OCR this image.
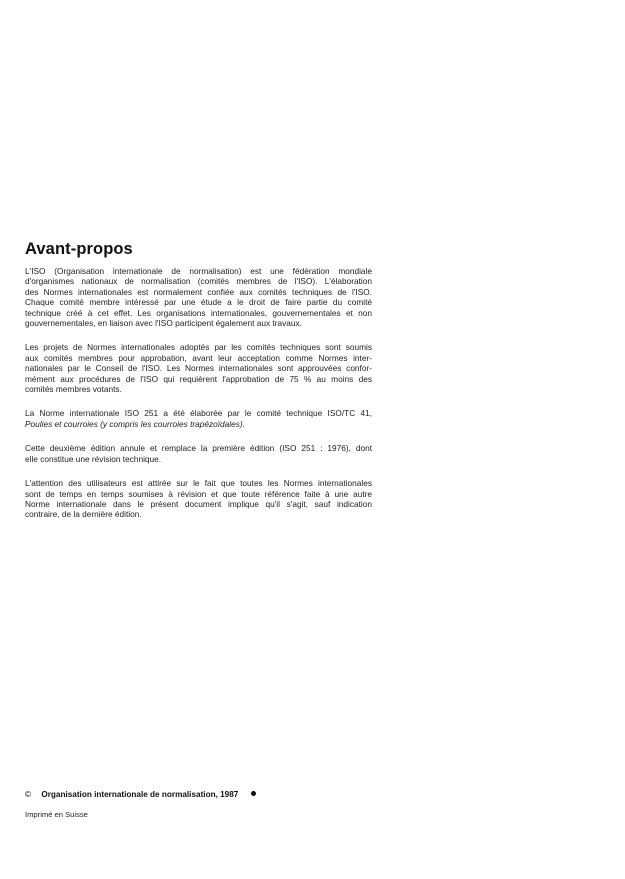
Avant-propos

L'ISO (Organisation internationale de normalisation) est une fédération mondiale
d'organismes nationaux de normalisation (comités membres de l'ISO). L'élaboration
des Normes internationales est normalement confiée aux comités techniques de l'ISO.
Chaque comité membre intéressé par une étude a le droit de faire partie du comité
technique créé à cet effet. Les organisations internationales, gouvernementales et non
gouvernementales, en liaison avec l'ISO participent également aux travaux.

Les projets de Normes internationales adoptés par les comités techniques sont soumis
aux comités membres pour approbation, avant leur acceptation comme Normes inter-
nationales par le Conseil de l'ISO. Les Normes internationales sont approuvées confor-
mément aux procédures de l'ISO qui requièrent l'approbation de 75 % au moins des
comités membres votants.

La Norme internationale ISO 251 a été élaborée par le comité technique ISO/TC 41,
Poulies et courroies (y compris les courroies trapézoïdales).

Cette deuxième édition annule et remplace la première édition (ISO 251 : 1976), dont
elle constitue une révision technique.

L'attention des utilisateurs est attirée sur le fait que toutes les Normes internationales
sont de temps en temps soumises à révision et que toute référence faite à une autre
Norme internationale dans le présent document implique qu'il s'agit, sauf indication
contraire, de la dernière édition.

© Organisation internationale de normalisation, 1987
Imprimé en Suisse
